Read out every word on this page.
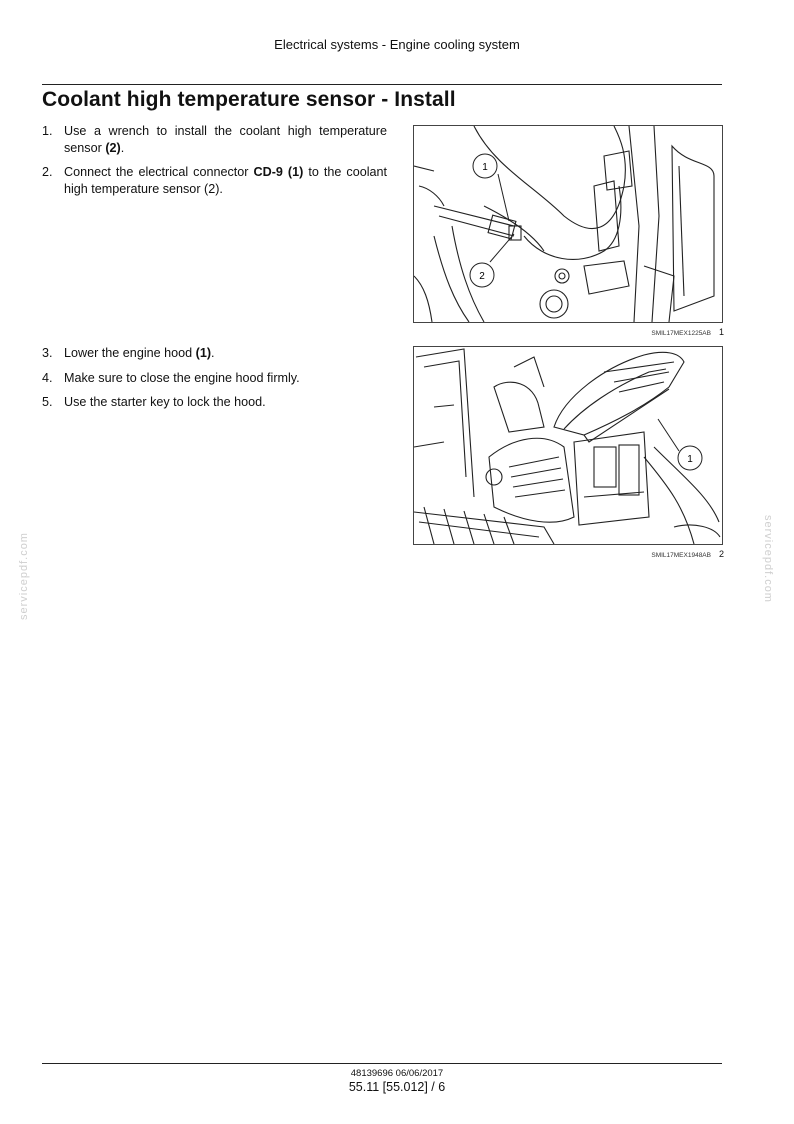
Electrical systems - Engine cooling system
Coolant high temperature sensor - Install
1. Use a wrench to install the coolant high temperature sensor (2).
2. Connect the electrical connector CD-9 (1) to the coolant high temperature sensor (2).
3. Lower the engine hood (1).
4. Make sure to close the engine hood firmly.
5. Use the starter key to lock the hood.
1
2
SMIL17MEX1225AB 1
1
SMIL17MEX1948AB 2
servicepdf.com	servicepdf.com
48139696 06/06/2017
55.11 [55.012] / 6
